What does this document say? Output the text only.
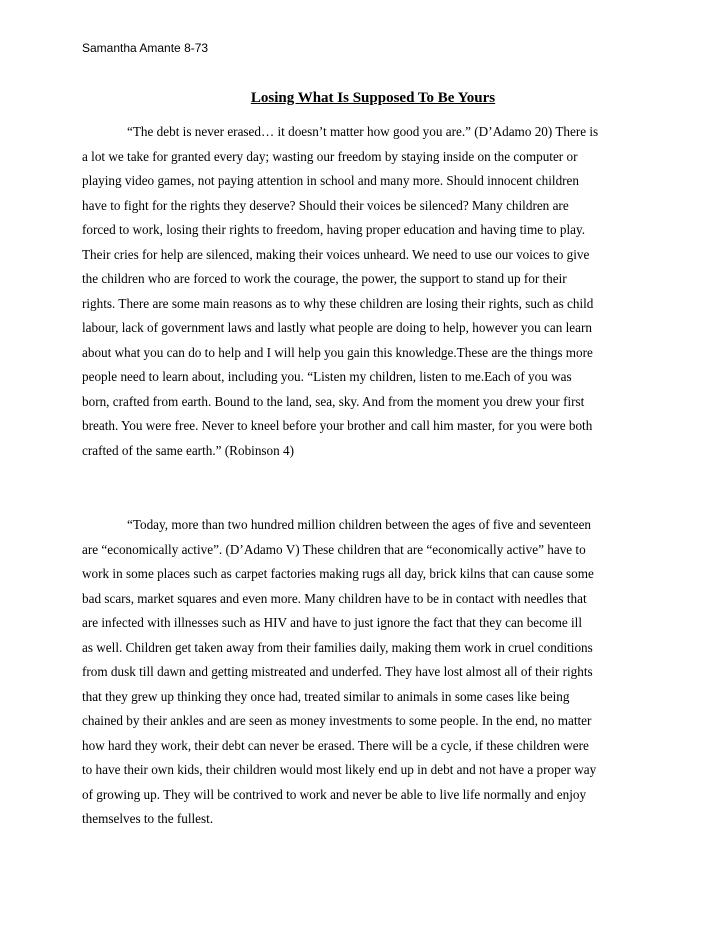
Samantha Amante 8-73
Losing What Is Supposed To Be Yours
“The debt is never erased… it doesn’t matter how good you are.” (D’Adamo 20) There is
a lot we take for granted every day; wasting our freedom by staying inside on the computer or
playing video games, not paying attention in school and many more. Should innocent children
have to fight for the rights they deserve? Should their voices be silenced? Many children are
forced to work, losing their rights to freedom, having proper education and having time to play.
Their cries for help are silenced, making their voices unheard. We need to use our voices to give
the children who are forced to work the courage, the power, the support to stand up for their
rights. There are some main reasons as to why these children are losing their rights, such as child
labour, lack of government laws and lastly what people are doing to help, however you can learn
about what you can do to help and I will help you gain this knowledge.These are the things more
people need to learn about, including you. “Listen my children, listen to me.Each of you was
born, crafted from earth. Bound to the land, sea, sky. And from the moment you drew your first
breath. You were free. Never to kneel before your brother and call him master, for you were both
crafted of the same earth.” (Robinson 4)
“Today, more than two hundred million children between the ages of five and seventeen
are “economically active”. (D’Adamo V) These children that are “economically active” have to
work in some places such as carpet factories making rugs all day, brick kilns that can cause some
bad scars, market squares and even more. Many children have to be in contact with needles that
are infected with illnesses such as HIV and have to just ignore the fact that they can become ill
as well. Children get taken away from their families daily, making them work in cruel conditions
from dusk till dawn and getting mistreated and underfed. They have lost almost all of their rights
that they grew up thinking they once had, treated similar to animals in some cases like being
chained by their ankles and are seen as money investments to some people. In the end, no matter
how hard they work, their debt can never be erased. There will be a cycle, if these children were
to have their own kids, their children would most likely end up in debt and not have a proper way
of growing up. They will be contrived to work and never be able to live life normally and enjoy
themselves to the fullest.
